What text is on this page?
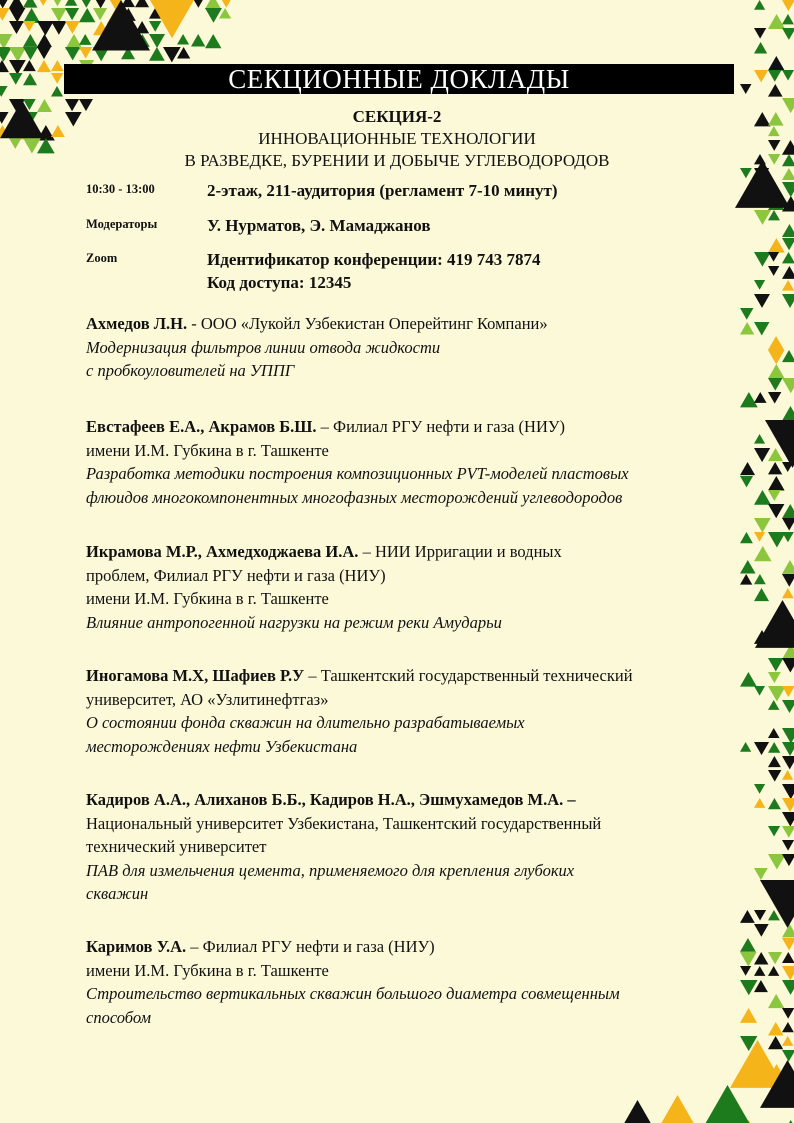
СЕКЦИОННЫЕ ДОКЛАДЫ
СЕКЦИЯ-2
ИННОВАЦИОННЫЕ ТЕХНОЛОГИИ
В РАЗВЕДКЕ, БУРЕНИИ И ДОБЫЧЕ УГЛЕВОДОРОДОВ
10:30 - 13:00	2-этаж, 211-аудитория (регламент 7-10 минут)
Модераторы	У. Нурматов, Э. Мамаджанов
Zoom	Идентификатор конференции: 419 743 7874
Код доступа: 12345
Ахмедов Л.Н. - ООО «Лукойл Узбекистан Оперейтинг Компани»
Модернизация фильтров линии отвода жидкости
с пробкоуловителей на УППГ
Евстафеев Е.А., Акрамов Б.Ш. – Филиал РГУ нефти и газа (НИУ)
имени И.М. Губкина в г. Ташкенте
Разработка методики построения композиционных PVT-моделей пластовых
флюидов многокомпонентных многофазных месторождений углеводородов
Икрамова М.Р., Ахмедходжаева И.А. – НИИ Ирригации и водных
проблем, Филиал РГУ нефти и газа (НИУ)
имени И.М. Губкина в г. Ташкенте
Влияние антропогенной нагрузки на режим реки Амударьи
Иногамова М.Х, Шафиев Р.У – Ташкентский государственный технический
университет, АО «Узлитинефтгаз»
О состоянии фонда скважин на длительно разрабатываемых
месторождениях нефти Узбекистана
Кадиров А.А., Алиханов Б.Б., Кадиров Н.А., Эшмухамедов М.А. –
Национальный университет Узбекистана, Ташкентский государственный
технический университет
ПАВ для измельчения цемента, применяемого для крепления глубоких
скважин
Каримов У.А. – Филиал РГУ нефти и газа (НИУ)
имени И.М. Губкина в г. Ташкенте
Строительство вертикальных скважин большого диаметра совмещенным
способом
